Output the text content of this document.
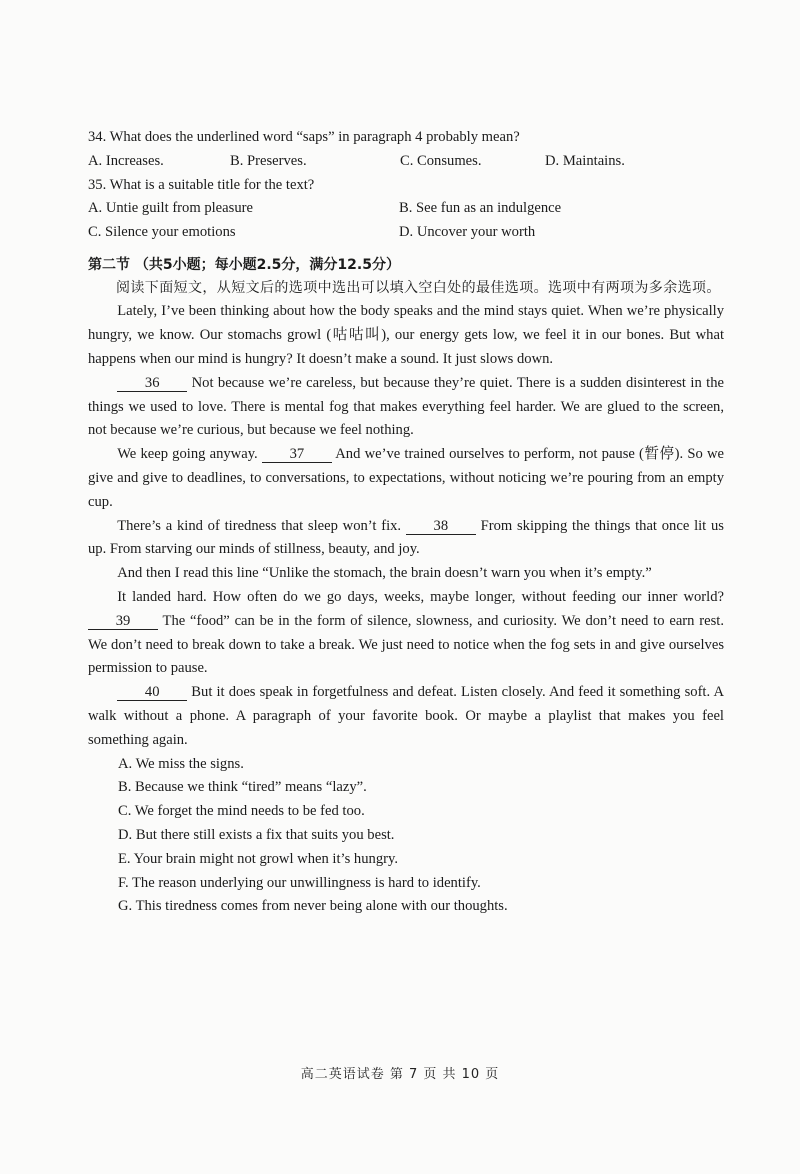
34. What does the underlined word “saps” in paragraph 4 probably mean?

A. Increases.	B. Preserves.	C. Consumes.	D. Maintains.

35. What is a suitable title for the text?

A. Untie guilt from pleasure	B. See fun as an indulgence

C. Silence your emotions	D. Uncover your worth

第二节 （共5小题；每小题2.5分，满分12.5分）

阅读下面短文，从短文后的选项中选出可以填入空白处的最佳选项。选项中有两项为多余选项。

Lately, I’ve been thinking about how the body speaks and the mind stays quiet. When we’re physically hungry, we know. Our stomachs growl (咕咕叫), our energy gets low, we feel it in our bones. But what happens when our mind is hungry? It doesn’t make a sound. It just slows down.

36 Not because we’re careless, but because they’re quiet. There is a sudden disinterest in the things we used to love. There is mental fog that makes everything feel harder. We are glued to the screen, not because we’re curious, but because we feel nothing.

We keep going anyway. 37 And we’ve trained ourselves to perform, not pause (暂停). So we give and give to deadlines, to conversations, to expectations, without noticing we’re pouring from an empty cup.

There’s a kind of tiredness that sleep won’t fix. 38 From skipping the things that once lit us up. From starving our minds of stillness, beauty, and joy.

And then I read this line “Unlike the stomach, the brain doesn’t warn you when it’s empty.”

It landed hard. How often do we go days, weeks, maybe longer, without feeding our inner world? 39 The “food” can be in the form of silence, slowness, and curiosity. We don’t need to earn rest. We don’t need to break down to take a break. We just need to notice when the fog sets in and give ourselves permission to pause.

40 But it does speak in forgetfulness and defeat. Listen closely. And feed it something soft. A walk without a phone. A paragraph of your favorite book. Or maybe a playlist that makes you feel something again.

A. We miss the signs.

B. Because we think “tired” means “lazy”.

C. We forget the mind needs to be fed too.

D. But there still exists a fix that suits you best.

E. Your brain might not growl when it’s hungry.

F. The reason underlying our unwillingness is hard to identify.

G. This tiredness comes from never being alone with our thoughts.

高二英语试卷 第 7 页 共 10 页
